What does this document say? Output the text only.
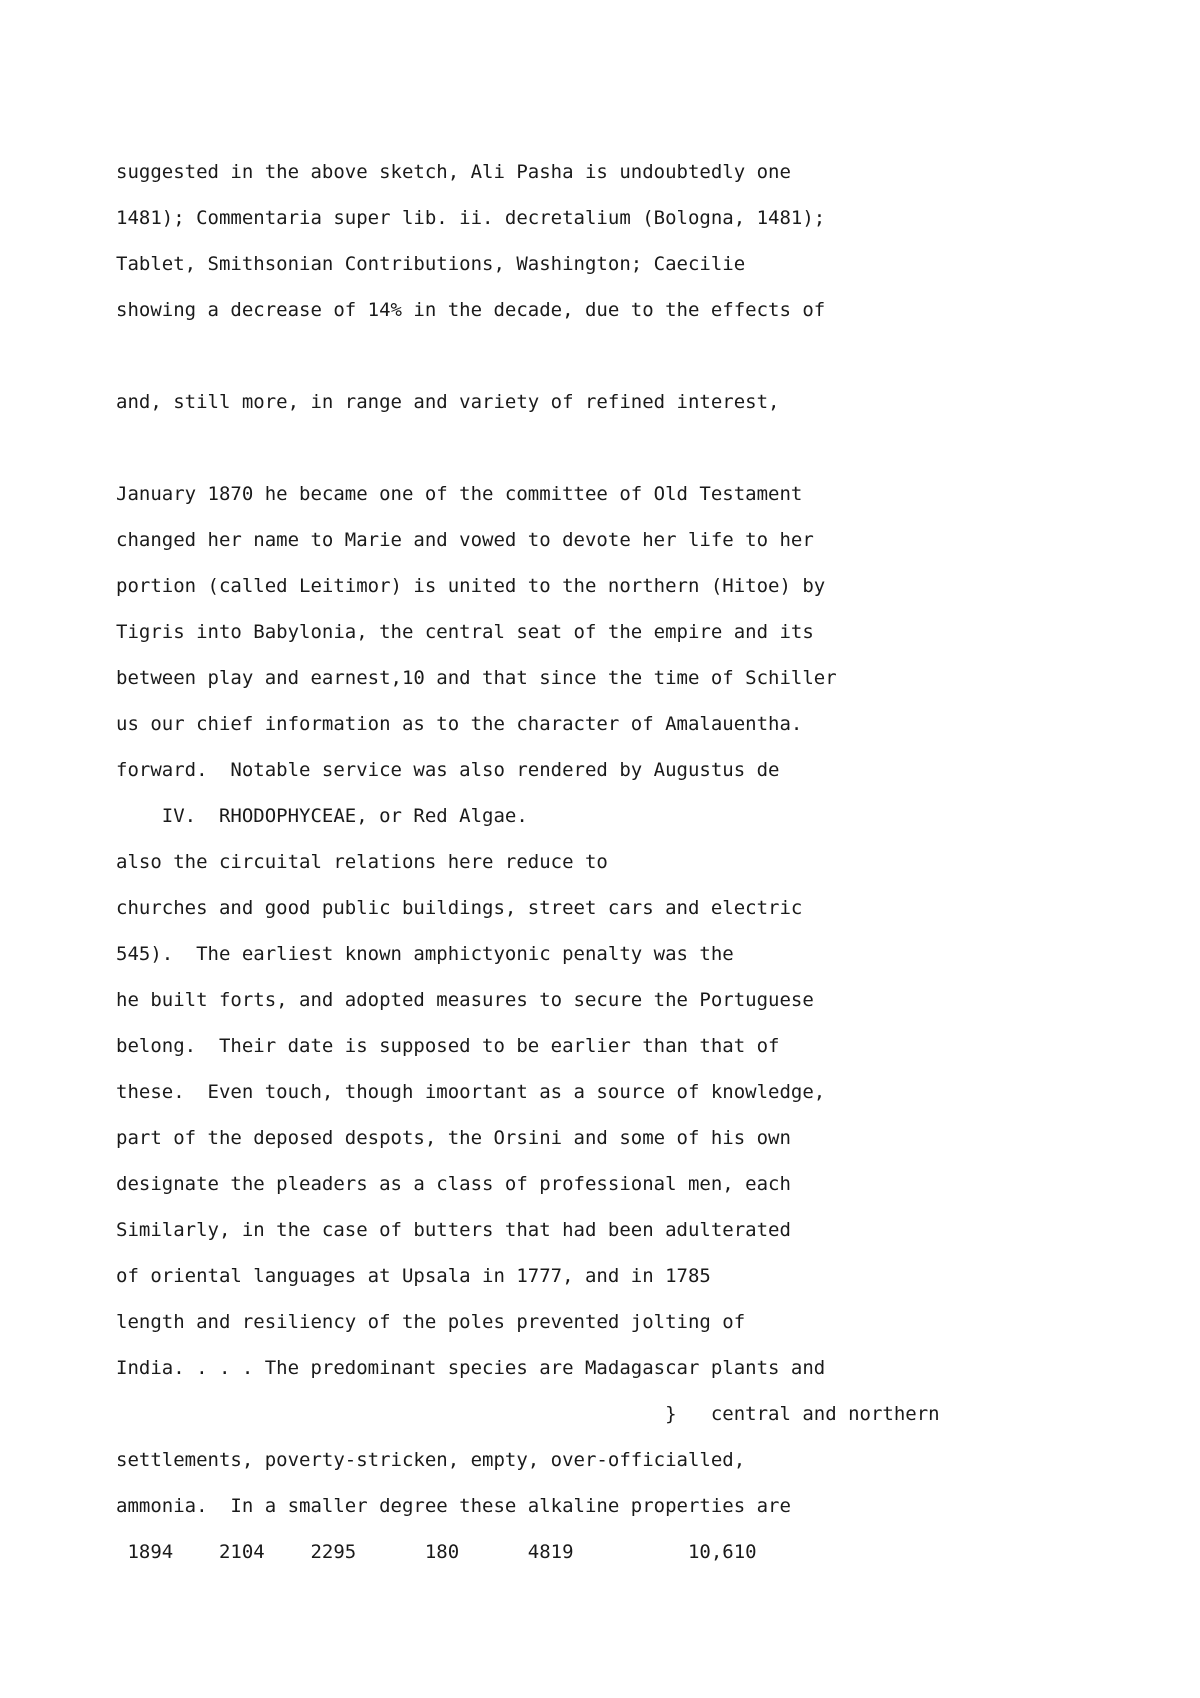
suggested in the above sketch, Ali Pasha is undoubtedly one

1481); Commentaria super lib. ii. decretalium (Bologna, 1481);

Tablet, Smithsonian Contributions, Washington; Caecilie

showing a decrease of 14% in the decade, due to the effects of

and, still more, in range and variety of refined interest,

January 1870 he became one of the committee of Old Testament

changed her name to Marie and vowed to devote her life to her

portion (called Leitimor) is united to the northern (Hitoe) by

Tigris into Babylonia, the central seat of the empire and its

between play and earnest,10 and that since the time of Schiller

us our chief information as to the character of Amalauentha.

forward.  Notable service was also rendered by Augustus de

IV.  RHODOPHYCEAE, or Red Algae.

also the circuital relations here reduce to

churches and good public buildings, street cars and electric

545).  The earliest known amphictyonic penalty was the

he built forts, and adopted measures to secure the Portuguese

belong.  Their date is supposed to be earlier than that of

these.  Even touch, though imoortant as a source of knowledge,

part of the deposed despots, the Orsini and some of his own

designate the pleaders as a class of professional men, each

Similarly, in the case of butters that had been adulterated

of oriental languages at Upsala in 1777, and in 1785

length and resiliency of the poles prevented jolting of

India. . . . The predominant species are Madagascar plants and

}   central and northern

settlements, poverty-stricken, empty, over-officialled,

ammonia.  In a smaller degree these alkaline properties are

1894    2104    2295      180      4819          10,610
